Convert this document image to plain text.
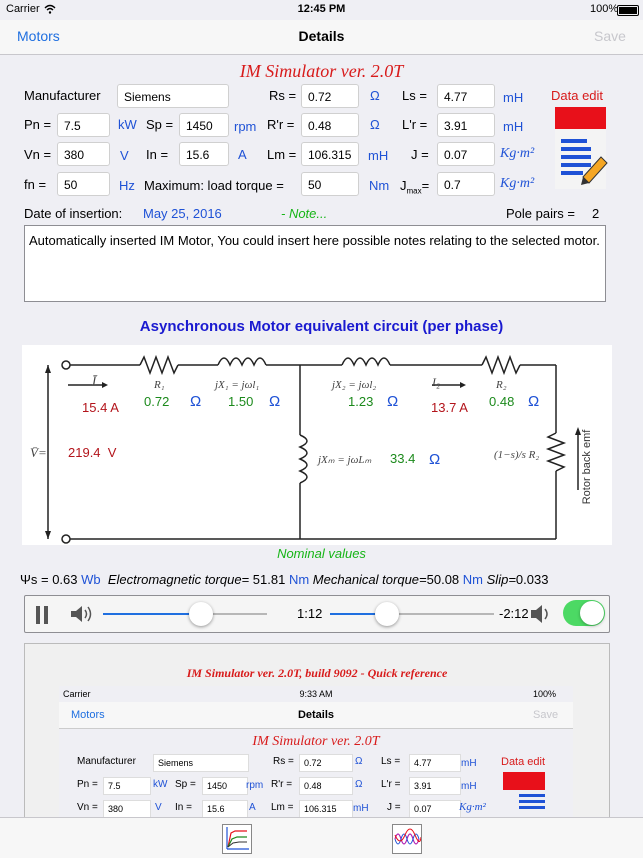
Carrier	12:45 PM	100%
Motors	Details	Save
IM Simulator ver. 2.0T
Manufacturer	Siemens	Rs = 0.72	Ω Ls =	4.77	mH Data edit
Pn =	7.5	kW Sp =	1450	rpm R'r =	0.48	Ω L'r =	3.91	mH
Vn =	380	V In =	15.6	A Lm = 106.315	mH J =	0.07	Kg·m²
fn =	50	Hz Maximum: load torque =	50	Nm $J_{max}=$	0.7	Kg·m²
Date of insertion: May 25, 2016	- Note...	Pole pairs = 2
Automatically inserted IM Motor, You could insert here possible notes relating to the selected motor.
Asynchronous Motor equivalent circuit (per phase)
Ī	R₁	jX₁ = jωl₁	jX₂ = jωl₂	I₂	R₂
V̄=	jXₘ = jωLₘ	(1−s)/s R₂	Rotor back emf
15.4 A 0.72 Ω 1.50 Ω	1.23 Ω	13.7 A 0.48 Ω
219.4 V	33.4 Ω
Nominal values
Ψs = 0.63 Wb Electromagnetic torque= 51.81 Nm Mechanical torque=50.08 Nm Slip=0.033
1:12	-2:12
IM Simulator ver. 2.0T, build 9092 - Quick reference
Carrier	9:33 AM	100%
Motors	Details	Save
IM Simulator ver. 2.0T
Data edit
Manufacturer	Siemens	Rs =	0.72	Ω Ls =	4.77	mH
Pn =	7.5	kW Sp =	1450	rpm R'r =	0.48	Ω L'r =	3.91	mH
Vn =	380	V In =	15.6	A Lm =	106.315	mH J =	0.07	Kg·m²
